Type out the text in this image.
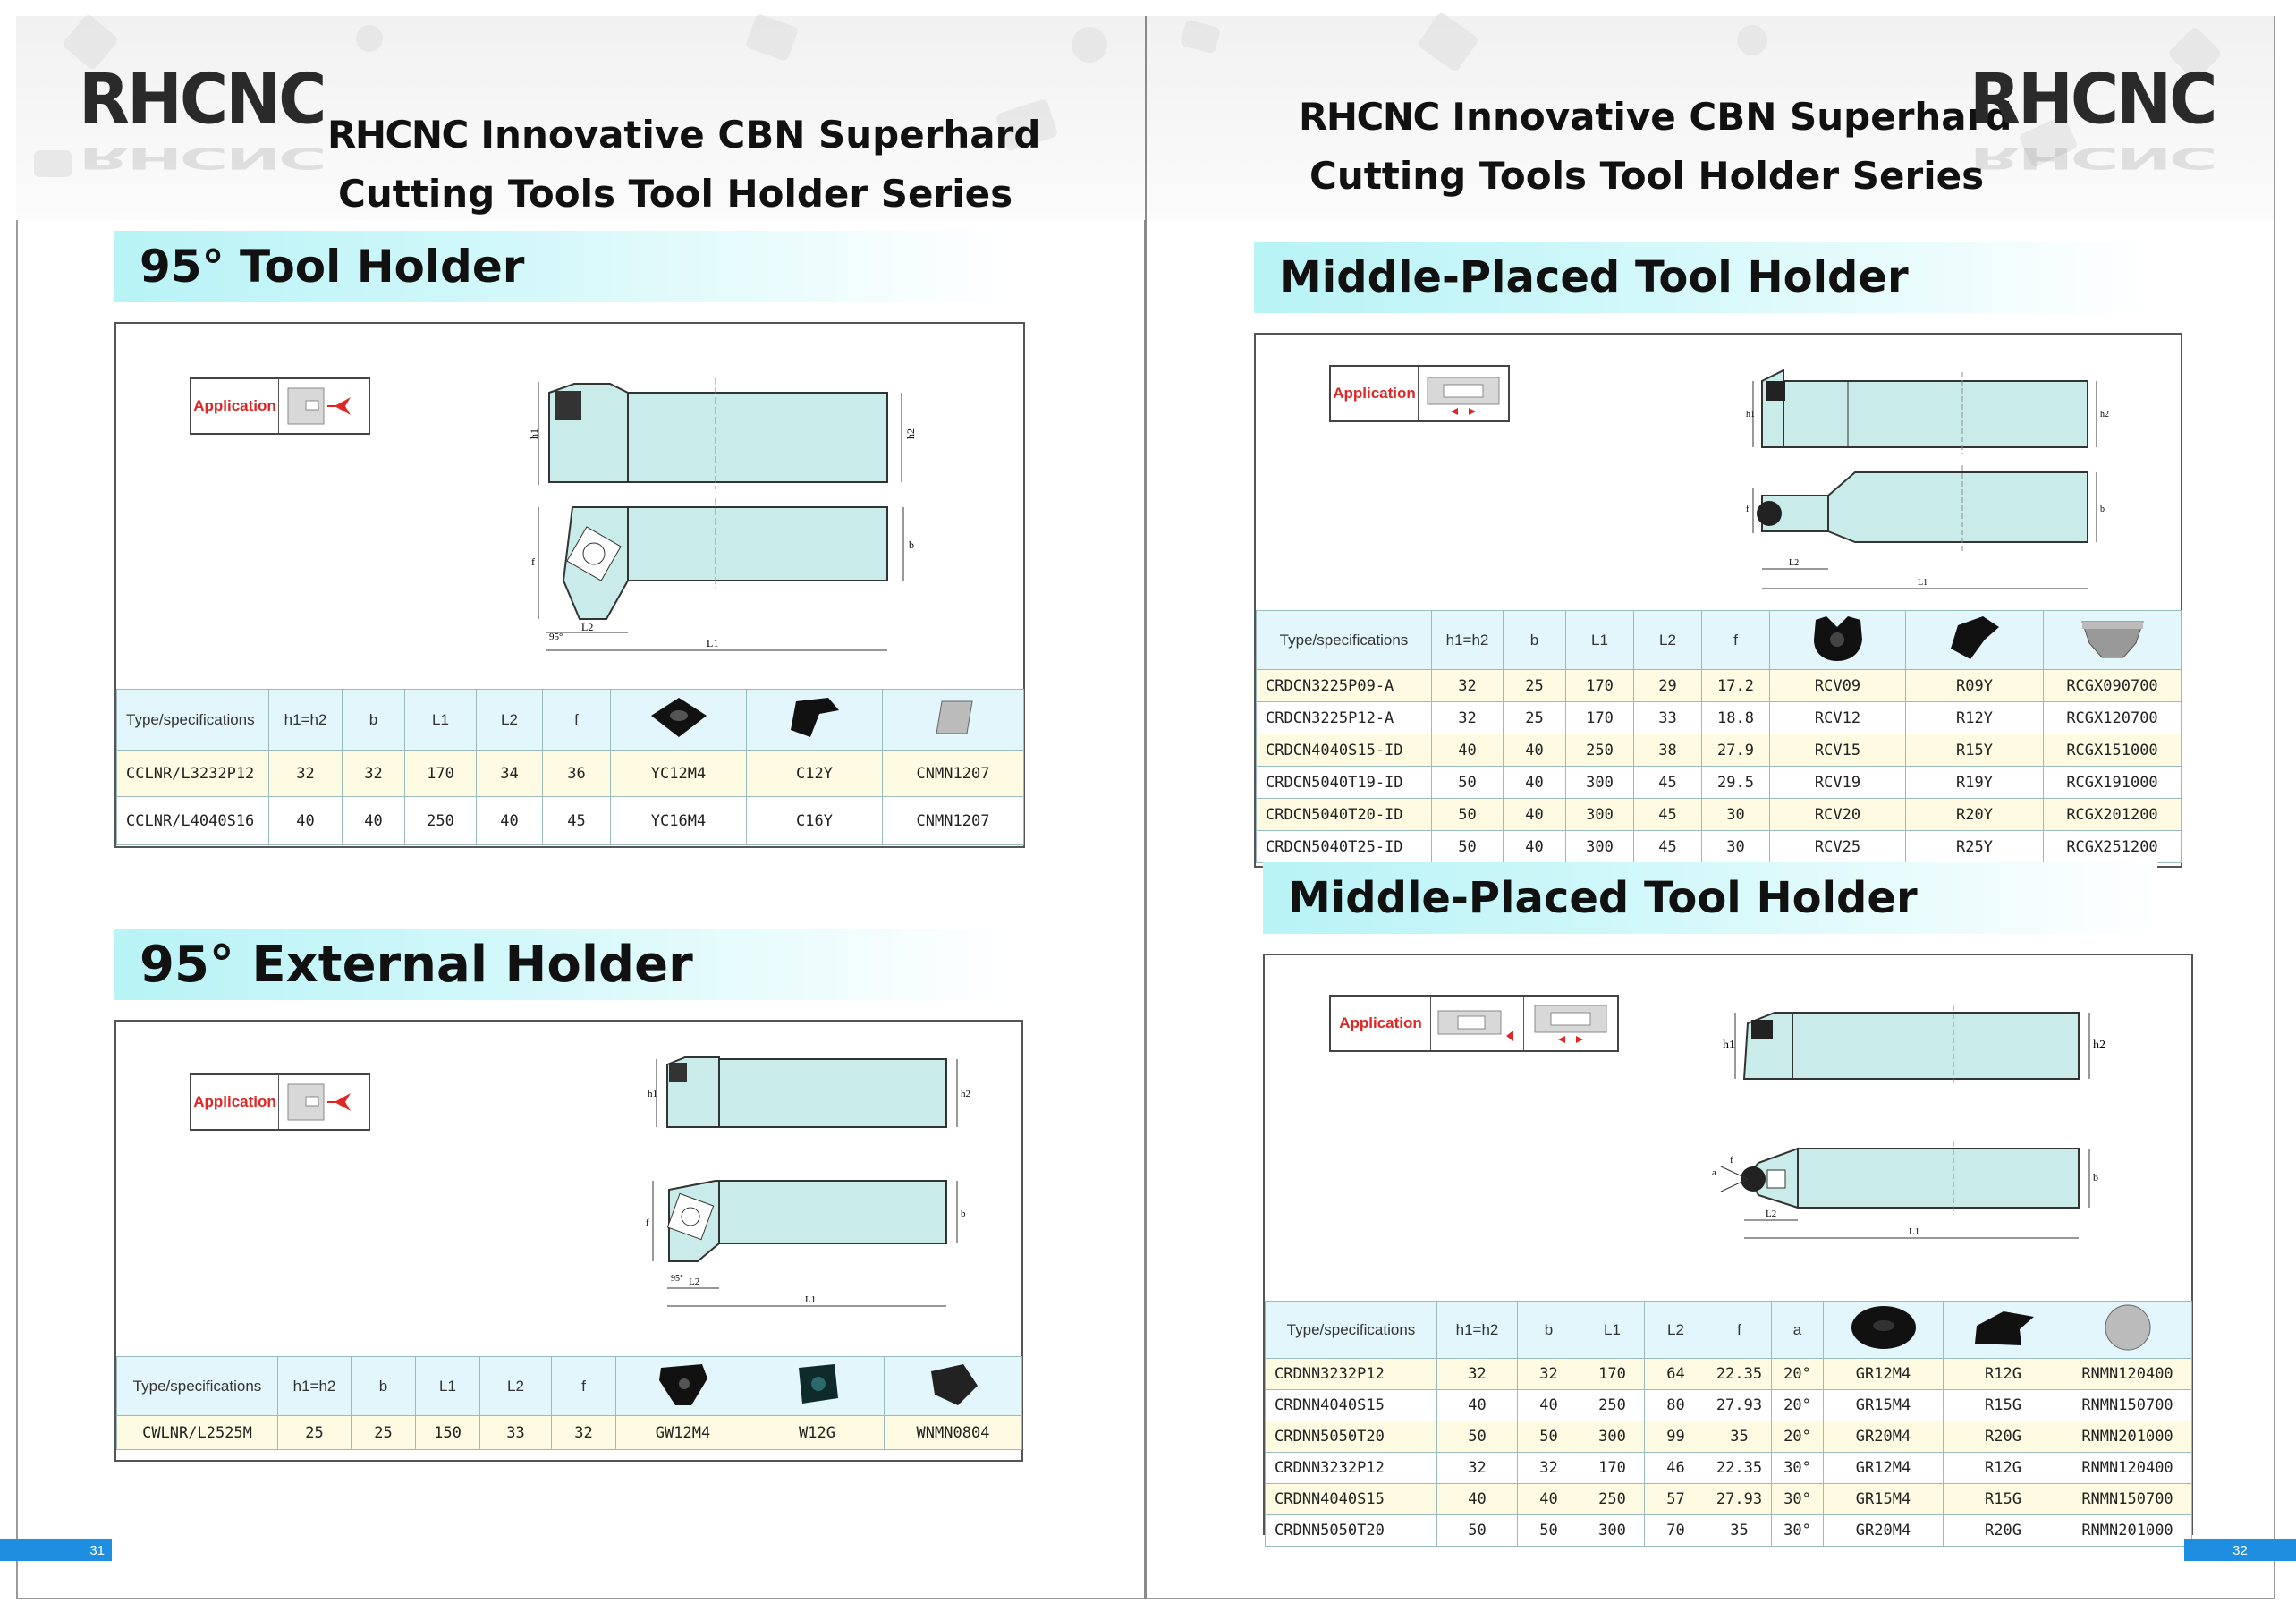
RHCNC
RHCNC
RHCNC Innovative CBN Superhard
Cutting Tools Tool Holder Series
95° Tool Holder
Application
h1	h2
b
f
95°
L2
L1
Type/specifications	h1=h2	b	L1	L2	f			
CCLNR/L3232P12	32	32	170	34	36	YC12M4	C12Y	CNMN1207
CCLNR/L4040S16	40	40	250	40	45	YC16M4	C16Y	CNMN1207
95° External Holder
Application	h1	h2
b
f
95° L2
L1
Type/specifications	h1=h2	b	L1	L2	f			
CWLNR/L2525M	25	25	150	33	32	GW12M4	W12G	WNMN0804
31
RHCNC Innovative CBN Superhard
Cutting Tools Tool Holder Series
RHCNC
RHCNC
Middle-Placed Tool Holder
Application
h1	h2
b
f
L2
L1
Type/specifications	h1=h2	b	L1	L2	f			
CRDCN3225P09-A	32	25	170	29	17.2	RCV09	R09Y	RCGX090700
CRDCN3225P12-A	32	25	170	33	18.8	RCV12	R12Y	RCGX120700
CRDCN4040S15-ID	40	40	250	38	27.9	RCV15	R15Y	RCGX151000
CRDCN5040T19-ID	50	40	300	45	29.5	RCV19	R19Y	RCGX191000
CRDCN5040T20-ID	50	40	300	45	30	RCV20	R20Y	RCGX201200
CRDCN5040T25-ID	50	40	300	45	30	RCV25	R25Y	RCGX251200
Middle-Placed Tool Holder
Application
h1	h2
b
a
f
L2
L1
Type/specifications	h1=h2	b	L1	L2	f	a			
CRDNN3232P12	32	32	170	64	22.35	20°	GR12M4	R12G	RNMN120400
CRDNN4040S15	40	40	250	80	27.93	20°	GR15M4	R15G	RNMN150700
CRDNN5050T20	50	50	300	99	35	20°	GR20M4	R20G	RNMN201000
CRDNN3232P12	32	32	170	46	22.35	30°	GR12M4	R12G	RNMN120400
CRDNN4040S15	40	40	250	57	27.93	30°	GR15M4	R15G	RNMN150700
CRDNN5050T20	50	50	300	70	35	30°	GR20M4	R20G	RNMN201000
32
